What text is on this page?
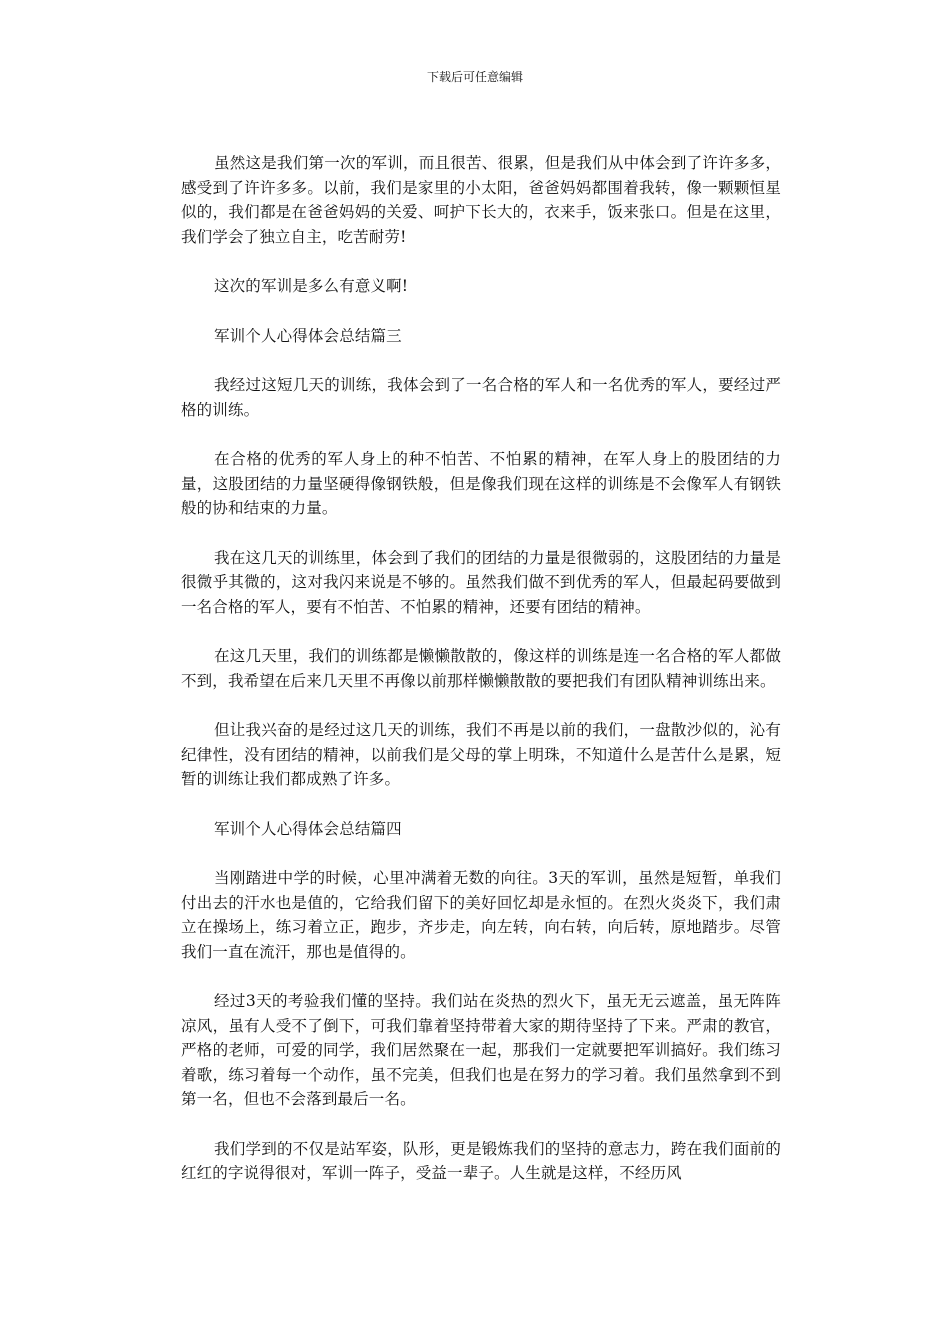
下载后可任意编辑

虽然这是我们第一次的军训，而且很苦、很累，但是我们从中体会到了许许多多，感受到了许许多多。以前，我们是家里的小太阳，爸爸妈妈都围着我转，像一颗颗恒星似的，我们都是在爸爸妈妈的关爱、呵护下长大的，衣来手，饭来张口。但是在这里，我们学会了独立自主，吃苦耐劳!

这次的军训是多么有意义啊!

军训个人心得体会总结篇三

我经过这短几天的训练，我体会到了一名合格的军人和一名优秀的军人，要经过严格的训练。

在合格的优秀的军人身上的种不怕苦、不怕累的精神，在军人身上的股团结的力量，这股团结的力量坚硬得像钢铁般，但是像我们现在这样的训练是不会像军人有钢铁般的协和结束的力量。

我在这几天的训练里，体会到了我们的团结的力量是很微弱的，这股团结的力量是很微乎其微的，这对我闪来说是不够的。虽然我们做不到优秀的军人，但最起码要做到一名合格的军人，要有不怕苦、不怕累的精神，还要有团结的精神。

在这几天里，我们的训练都是懒懒散散的，像这样的训练是连一名合格的军人都做不到，我希望在后来几天里不再像以前那样懒懒散散的要把我们有团队精神训练出来。

但让我兴奋的是经过这几天的训练，我们不再是以前的我们，一盘散沙似的，沁有纪律性，没有团结的精神，以前我们是父母的掌上明珠，不知道什么是苦什么是累，短暂的训练让我们都成熟了许多。

军训个人心得体会总结篇四

当刚踏进中学的时候，心里冲满着无数的向往。3天的军训，虽然是短暂，单我们付出去的汗水也是值的，它给我们留下的美好回忆却是永恒的。在烈火炎炎下，我们肃立在操场上，练习着立正，跑步，齐步走，向左转，向右转，向后转，原地踏步。尽管我们一直在流汗，那也是值得的。

经过3天的考验我们懂的坚持。我们站在炎热的烈火下，虽无无云遮盖，虽无阵阵凉风，虽有人受不了倒下，可我们靠着坚持带着大家的期待坚持了下来。严肃的教官，严格的老师，可爱的同学，我们居然聚在一起，那我们一定就要把军训搞好。我们练习着歌，练习着每一个动作，虽不完美，但我们也是在努力的学习着。我们虽然拿到不到第一名，但也不会落到最后一名。

我们学到的不仅是站军姿，队形，更是锻炼我们的坚持的意志力，跨在我们面前的红红的字说得很对，军训一阵子，受益一辈子。人生就是这样，不经历风
